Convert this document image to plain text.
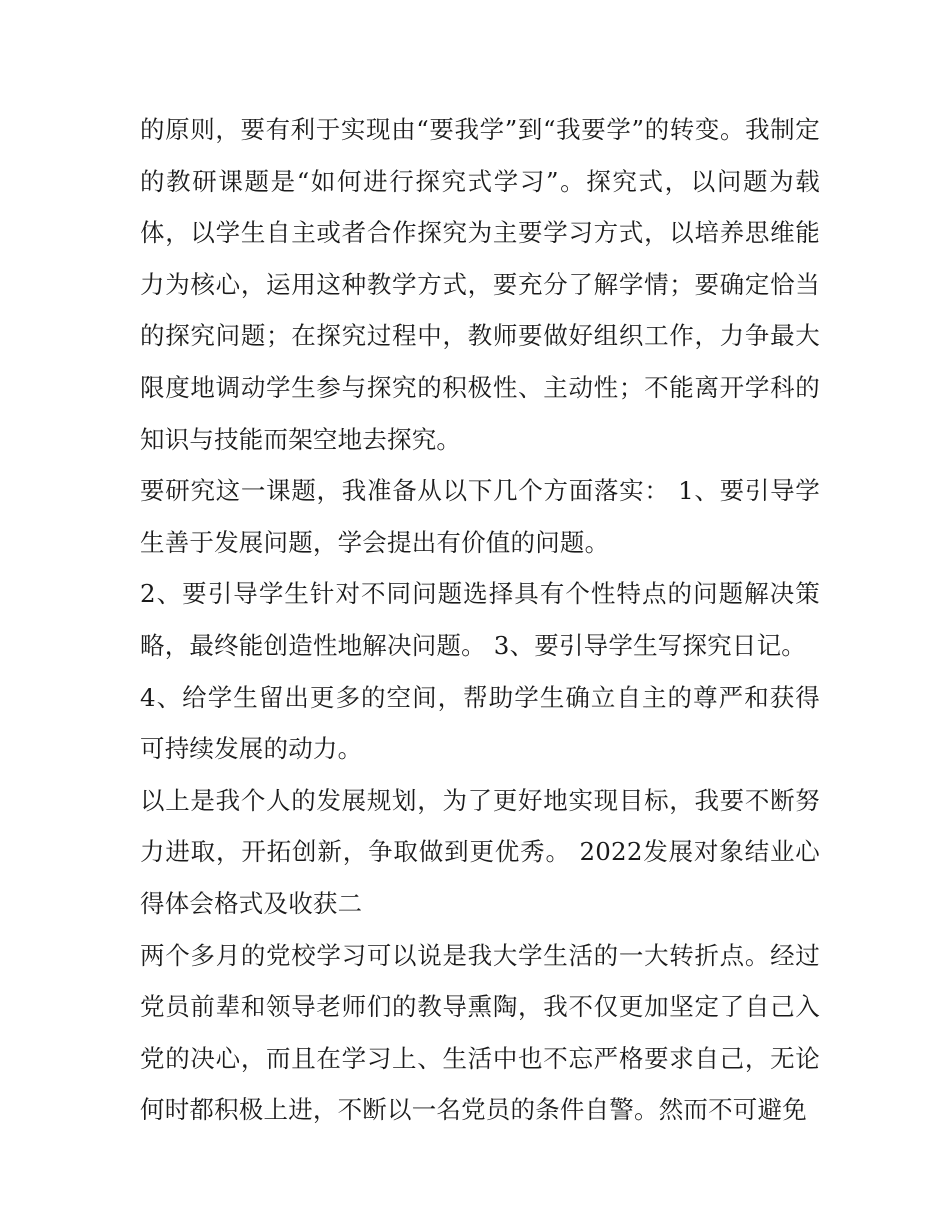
的原则，要有利于实现由“要我学”到“我要学”的转变。我制定的教研课题是“如何进行探究式学习”。探究式，以问题为载体，以学生自主或者合作探究为主要学习方式，以培养思维能力为核心，运用这种教学方式，要充分了解学情；要确定恰当的探究问题；在探究过程中，教师要做好组织工作，力争最大限度地调动学生参与探究的积极性、主动性；不能离开学科的知识与技能而架空地去探究。

要研究这一课题，我准备从以下几个方面落实： 1、要引导学生善于发展问题，学会提出有价值的问题。

2、要引导学生针对不同问题选择具有个性特点的问题解决策略，最终能创造性地解决问题。 3、要引导学生写探究日记。

4、给学生留出更多的空间，帮助学生确立自主的尊严和获得可持续发展的动力。

以上是我个人的发展规划，为了更好地实现目标，我要不断努力进取，开拓创新，争取做到更优秀。 2022发展对象结业心得体会格式及收获二

两个多月的党校学习可以说是我大学生活的一大转折点。经过党员前辈和领导老师们的教导熏陶，我不仅更加坚定了自己入党的决心，而且在学习上、生活中也不忘严格要求自己，无论何时都积极上进，不断以一名党员的条件自警。然而不可避免
